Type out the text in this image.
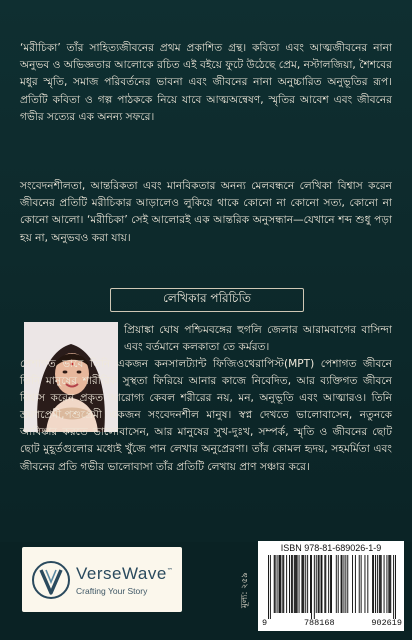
‘মরীচিকা’ তাঁর সাহিত্যজীবনের প্রথম প্রকাশিত গ্রন্থ। কবিতা এবং আত্মজীবনের নানা অনুভব ও অভিজ্ঞতার আলোকে রচিত এই বইয়ে ফুটে উঠেছে প্রেম, নস্টালজিয়া, শৈশবের মধুর স্মৃতি, সমাজ পরিবর্তনের ভাবনা এবং জীবনের নানা অনুচ্চারিত অনুভূতির রূপ। প্রতিটি কবিতা ও গল্প পাঠককে নিয়ে যাবে আত্মঅন্বেষণ, স্মৃতির আবেশ এবং জীবনের গভীর সত্যের এক অনন্য সফরে।

সংবেদনশীলতা, আন্তরিকতা এবং মানবিকতার অনন্য মেলবন্ধনে লেখিকা বিশ্বাস করেন জীবনের প্রতিটি মরীচিকার আড়ালেও লুকিয়ে থাকে কোনো না কোনো সত্য, কোনো না কোনো আলো। ‘মরীচিকা’ সেই আলোরই এক আন্তরিক অনুসন্ধান—যেখানে শব্দ শুধু পড়া হয় না, অনুভবও করা যায়।

লেখিকার পরিচিতি

প্রিয়াঙ্কা ঘোষ পশ্চিমবঙ্গের হুগলি জেলার আরামবাগের বাসিন্দা এবং বর্তমানে কলকাতা তে কর্মরত।

পেশাগত ভাবে তিনি একজন কনসালট্যান্ট ফিজিওথেরাপিস্ট(MPT) পেশাগত জীবনে তিনি মানুষের শারীরিক সুস্থতা ফিরিয়ে আনার কাজে নিবেদিত, আর ব্যক্তিগত জীবনে বিশ্বাস করেন প্রকৃত আরোগ্য কেবল শরীরের নয়, মন, অনুভূতি এবং আত্মারও। তিনি ভ্রমণপ্রেমী,পশুপ্রেমী একজন সংবেদনশীল মানুষ। স্বপ্ন দেখতে ভালোবাসেন, নতুনকে আবিষ্কার করতে ভালোবাসেন, আর মানুষের সুখ-দুঃখ, সম্পর্ক, স্মৃতি ও জীবনের ছোট ছোট মুহূর্তগুলোর মধ্যেই খুঁজে পান লেখার অনুপ্রেরণা। তাঁর কোমল হৃদয়, সহমর্মিতা এবং জীবনের প্রতি গভীর ভালোবাসা তাঁর প্রতিটি লেখায় প্রাণ সঞ্চার করে।

VerseWave™
Crafting Your Story	মূল্য: ২৫৯
ISBN 978-81-689026-1-9
9	788168	902619
